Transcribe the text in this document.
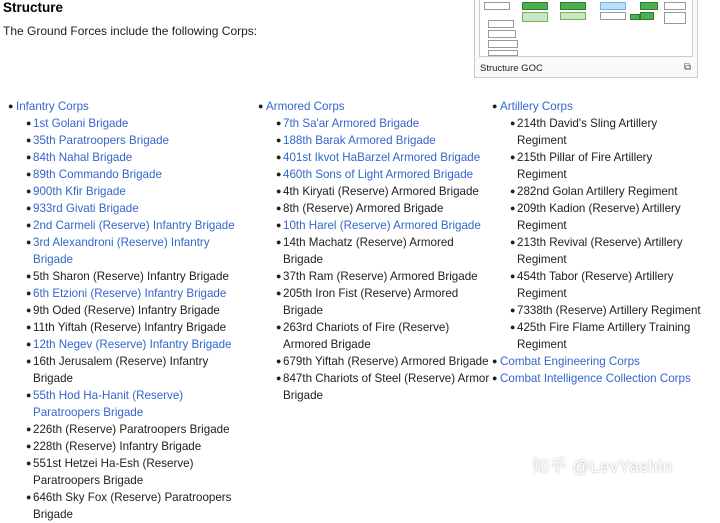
Structure
The Ground Forces include the following Corps:
Structure GOC	⧉
● Infantry Corps
● 1st Golani Brigade
● 35th Paratroopers Brigade
● 84th Nahal Brigade
● 89th Commando Brigade
● 900th Kfir Brigade
● 933rd Givati Brigade
● 2nd Carmeli (Reserve) Infantry Brigade
● 3rd Alexandroni (Reserve) Infantry Brigade
● 5th Sharon (Reserve) Infantry Brigade
● 6th Etzioni (Reserve) Infantry Brigade
● 9th Oded (Reserve) Infantry Brigade
● 11th Yiftah (Reserve) Infantry Brigade
● 12th Negev (Reserve) Infantry Brigade
● 16th Jerusalem (Reserve) Infantry Brigade
● 55th Hod Ha-Hanit (Reserve) Paratroopers Brigade
● 226th (Reserve) Paratroopers Brigade
● 228th (Reserve) Infantry Brigade
● 551st Hetzei Ha-Esh (Reserve) Paratroopers Brigade
● 646th Sky Fox (Reserve) Paratroopers Brigade
● Armored Corps
● 7th Sa'ar Armored Brigade
● 188th Barak Armored Brigade
● 401st Ikvot HaBarzel Armored Brigade
● 460th Sons of Light Armored Brigade
● 4th Kiryati (Reserve) Armored Brigade
● 8th (Reserve) Armored Brigade
● 10th Harel (Reserve) Armored Brigade
● 14th Machatz (Reserve) Armored Brigade
● 37th Ram (Reserve) Armored Brigade
● 205th Iron Fist (Reserve) Armored Brigade
● 263rd Chariots of Fire (Reserve) Armored Brigade
● 679th Yiftah (Reserve) Armored Brigade
● 847th Chariots of Steel (Reserve) Armor Brigade
● Artillery Corps
● 214th David's Sling Artillery Regiment
● 215th Pillar of Fire Artillery Regiment
● 282nd Golan Artillery Regiment
● 209th Kadion (Reserve) Artillery Regiment
● 213th Revival (Reserve) Artillery Regiment
● 454th Tabor (Reserve) Artillery Regiment
● 7338th (Reserve) Artillery Regiment
● 425th Fire Flame Artillery Training Regiment
● Combat Engineering Corps
● Combat Intelligence Collection Corps
知乎 @LevYashin
